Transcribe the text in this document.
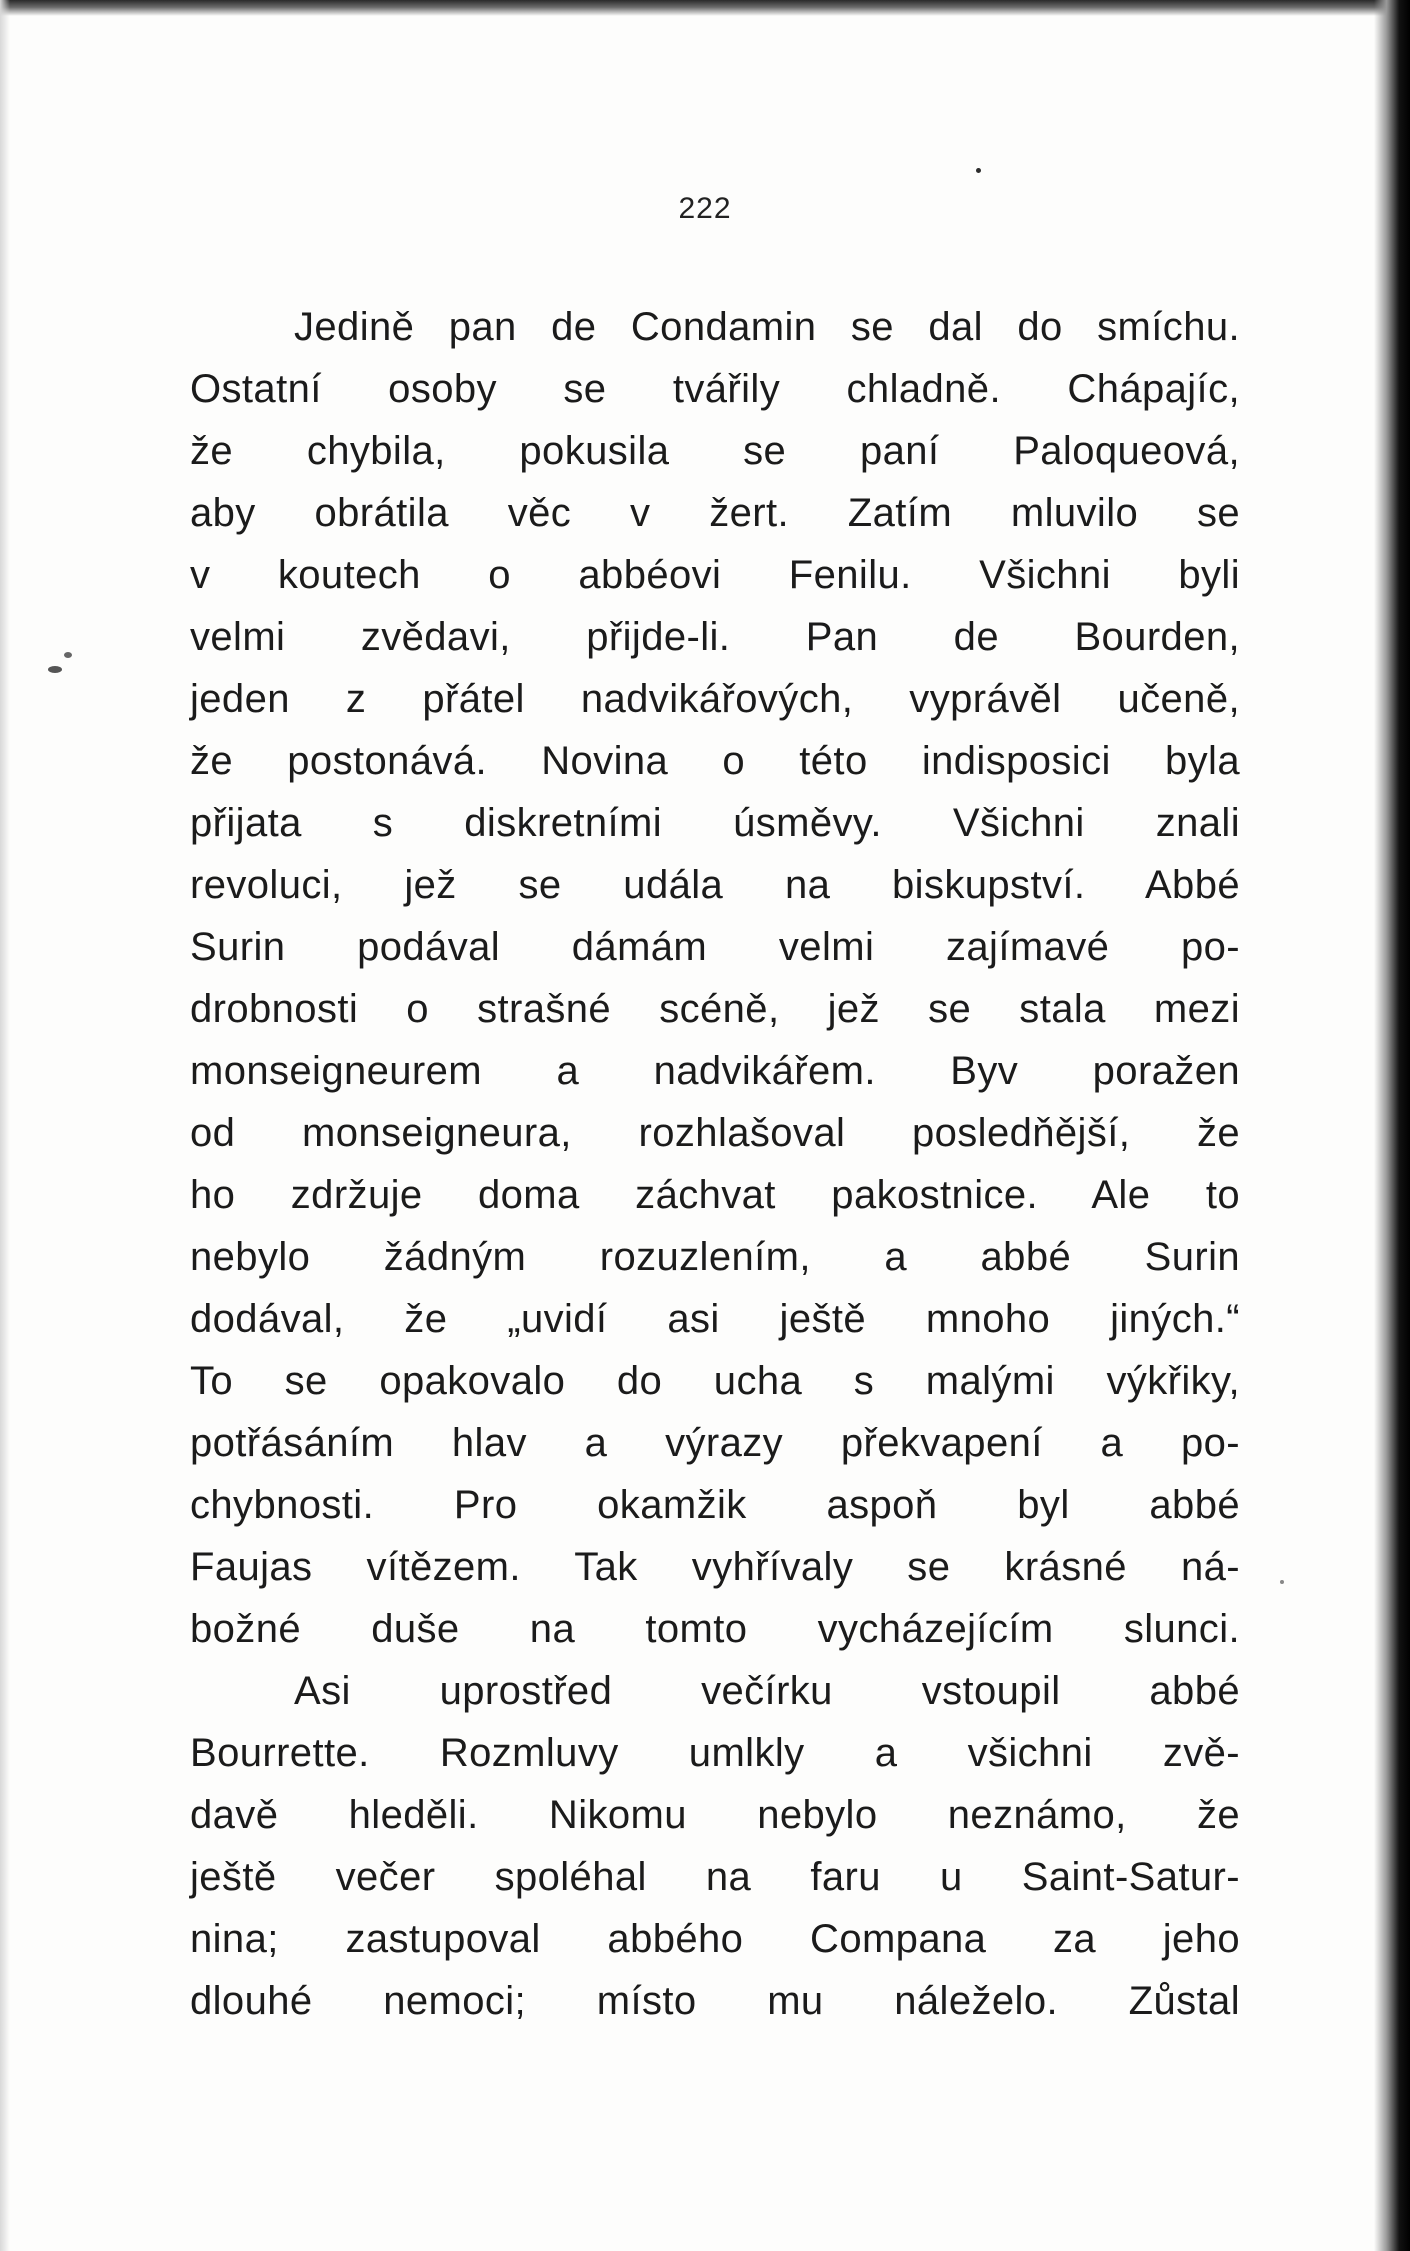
222
Jedině pan de Condamin se dal do smíchu.
Ostatní osoby se tvářily chladně. Chápajíc,
že chybila, pokusila se paní Paloqueová,
aby obrátila věc v žert. Zatím mluvilo se
v koutech o abbéovi Fenilu. Všichni byli
velmi zvědavi, přijde-li. Pan de Bourden,
jeden z přátel nadvikářových, vyprávěl učeně,
že postonává. Novina o této indisposici byla
přijata s diskretními úsměvy. Všichni znali
revoluci, jež se udála na biskupství. Abbé
Surin podával dámám velmi zajímavé po-
drobnosti o strašné scéně, jež se stala mezi
monseigneurem a nadvikářem. Byv poražen
od monseigneura, rozhlašoval posledňější, že
ho zdržuje doma záchvat pakostnice. Ale to
nebylo žádným rozuzlením, a abbé Surin
dodával, že „uvidí asi ještě mnoho jiných.“
To se opakovalo do ucha s malými výkřiky,
potřásáním hlav a výrazy překvapení a po-
chybnosti. Pro okamžik aspoň byl abbé
Faujas vítězem. Tak vyhřívaly se krásné ná-
božné duše na tomto vycházejícím slunci.
Asi uprostřed večírku vstoupil abbé
Bourrette. Rozmluvy umlkly a všichni zvě-
davě hleděli. Nikomu nebylo neznámo, že
ještě večer spoléhal na faru u Saint-Satur-
nina; zastupoval abbého Compana za jeho
dlouhé nemoci; místo mu náleželo. Zůstal
